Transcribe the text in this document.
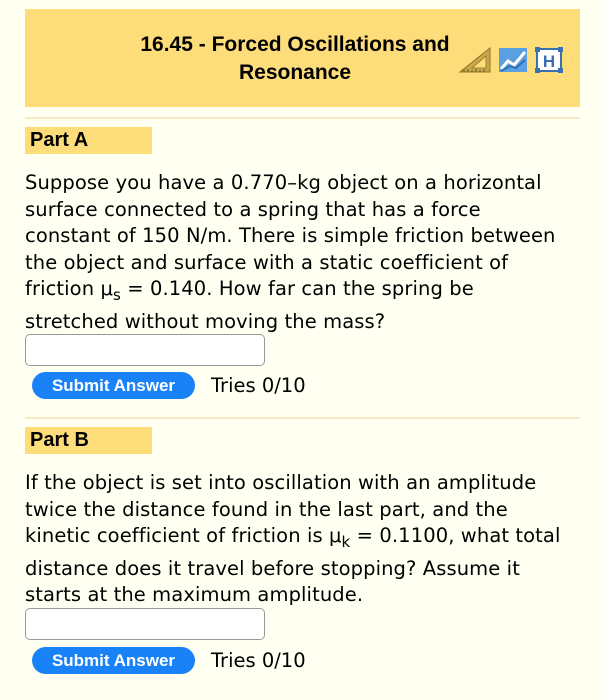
16.45 - Forced Oscillations and
Resonance	H
Part A
Suppose you have a 0.770–kg object on a horizontal
surface connected to a spring that has a force
constant of 150 N/m. There is simple friction between
the object and surface with a static coefficient of
friction $\mu_s = 0.140$. How far can the spring be
stretched without moving the mass?
Submit Answer	Tries 0/10
Part B
If the object is set into oscillation with an amplitude
twice the distance found in the last part, and the
kinetic coefficient of friction is $\mu_k = 0.1100$, what total
distance does it travel before stopping? Assume it
starts at the maximum amplitude.
Submit Answer	Tries 0/10
